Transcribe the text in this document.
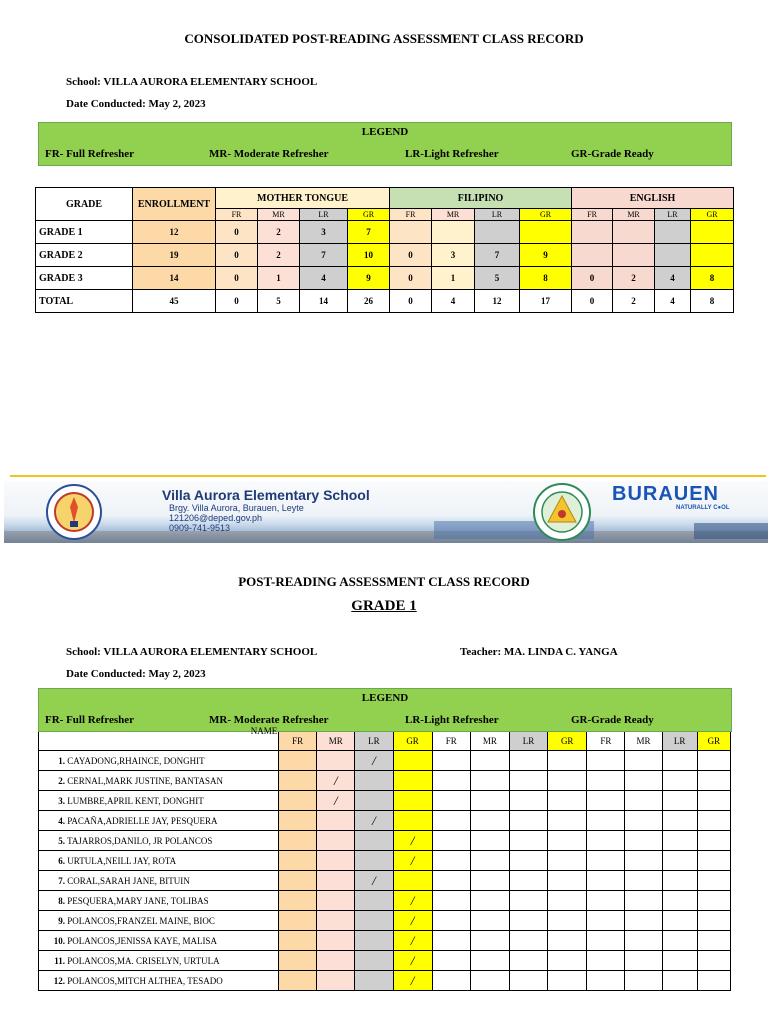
CONSOLIDATED POST-READING ASSESSMENT CLASS RECORD
School: VILLA AURORA ELEMENTARY SCHOOL
Date Conducted: May 2, 2023
LEGEND
FR- Full Refresher	MR- Moderate Refresher	LR-Light Refresher	GR-Grade Ready
GRADE	ENROLLMENT	MOTHER TONGUE				FILIPINO				ENGLISH			
		FR	MR	LR	GR	FR	MR	LR	GR	FR	MR	LR	GR
GRADE 1	12	0	2	3	7								
GRADE 2	19	0	2	7	10	0	3	7	9				
GRADE 3	14	0	1	4	9	0	1	5	8	0	2	4	8
TOTAL	45	0	5	14	26	0	4	12	17	0	2	4	8
Villa Aurora Elementary School
Brgy. Villa Aurora, Burauen, Leyte
121206@deped.gov.ph
0909-741-9513
BURAUEN
NATURALLY C●OL
POST-READING ASSESSMENT CLASS RECORD
GRADE 1
School: VILLA AURORA ELEMENTARY SCHOOL	Teacher: MA. LINDA C. YANGA
Date Conducted: May 2, 2023
LEGEND
FR- Full Refresher	MR- Moderate Refresher	LR-Light Refresher	GR-Grade Ready
NAME
	FR	MR	LR	GR	FR	MR	LR	GR	FR	MR	LR	GR
1. CAYADONG,RHAINCE, DONGHIT			/									
2. CERNAL,MARK JUSTINE, BANTASAN		/										
3. LUMBRE,APRIL KENT, DONGHIT		/										
4. PACAÑA,ADRIELLE JAY, PESQUERA			/									
5. TAJARROS,DANILO, JR POLANCOS				/								
6. URTULA,NEILL JAY, ROTA				/								
7. CORAL,SARAH JANE, BITUIN			/									
8. PESQUERA,MARY JANE, TOLIBAS				/								
9. POLANCOS,FRANZEL MAINE, BIOC				/								
10. POLANCOS,JENISSA KAYE, MALISA				/								
11. POLANCOS,MA. CRISELYN, URTULA				/								
12. POLANCOS,MITCH ALTHEA, TESADO				/								
